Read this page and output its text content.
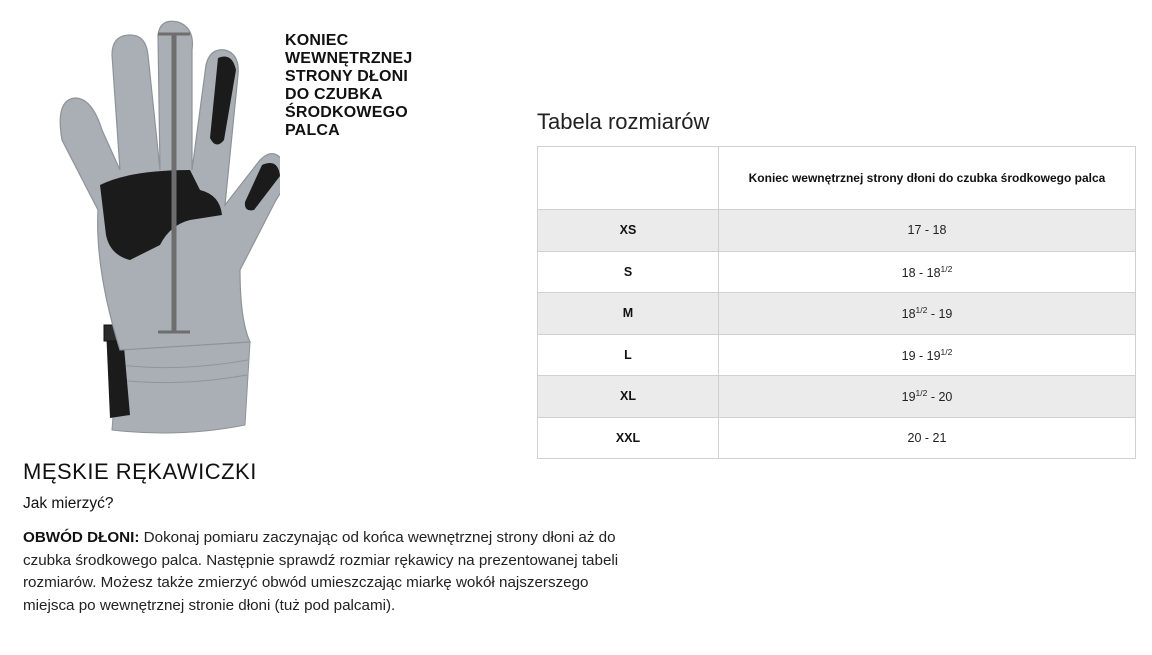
KONIEC
WEWNĘTRZNEJ
STRONY DŁONI
DO CZUBKA
ŚRODKOWEGO
PALCA
MĘSKIE RĘKAWICZKI
Jak mierzyć?
OBWÓD DŁONI: Dokonaj pomiaru zaczynając od końca wewnętrznej strony dłoni aż do czubka środkowego palca. Następnie sprawdź rozmiar rękawicy na prezentowanej tabeli rozmiarów. Możesz także zmierzyć obwód umieszczając miarkę wokół najszerszego miejsca po wewnętrznej stronie dłoni (tuż pod palcami).
Tabela rozmiarów
	Koniec wewnętrznej strony dłoni do czubka środkowego palca
XS	17 - 18
S	$18 - 18^{1/2}$
M	$18^{1/2} - 19$
L	$19 - 19^{1/2}$
XL	$19^{1/2} - 20$
XXL	20 - 21
